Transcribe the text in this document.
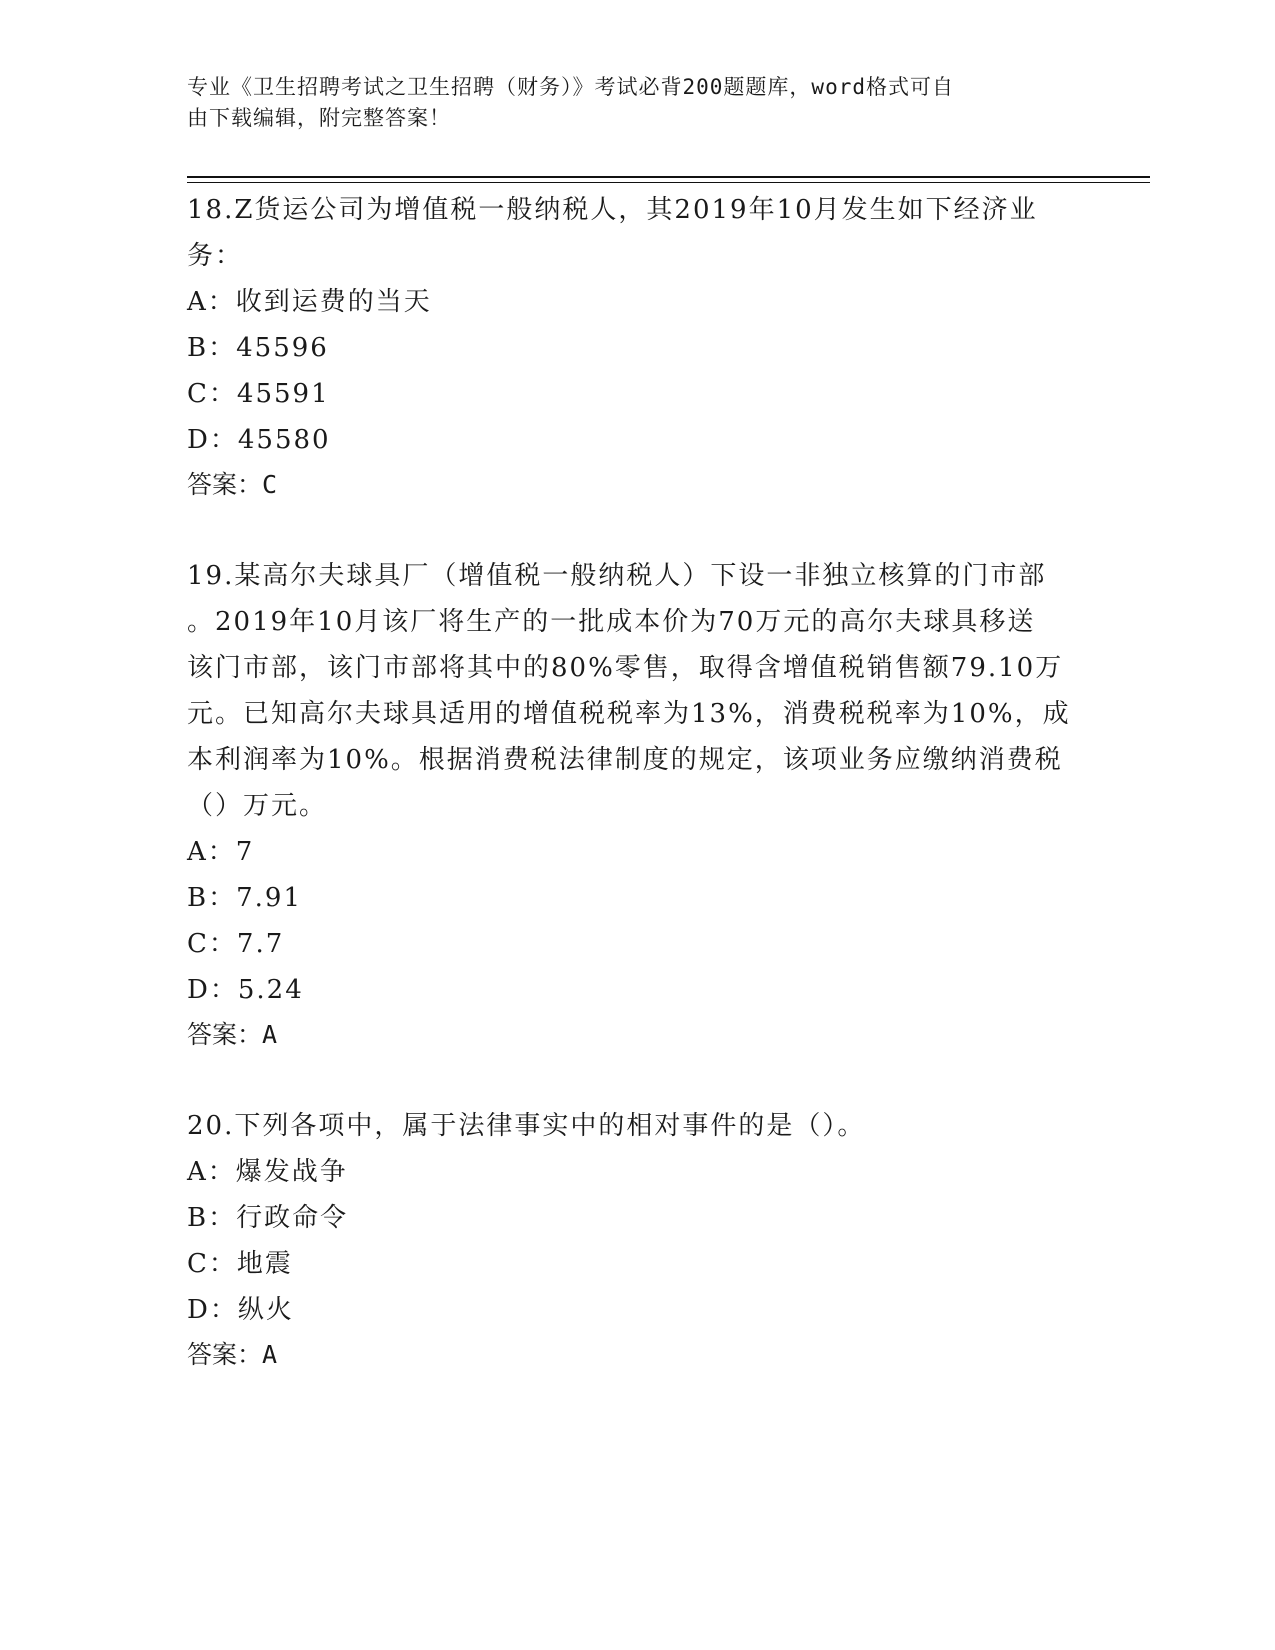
专业《卫生招聘考试之卫生招聘（财务）》考试必背200题题库，word格式可自
由下载编辑，附完整答案！

18.Z货运公司为增值税一般纳税人，其2019年10月发生如下经济业

务：

A：收到运费的当天

B：45596

C：45591

D：45580

答案：C

19.某高尔夫球具厂（增值税一般纳税人）下设一非独立核算的门市部

。2019年10月该厂将生产的一批成本价为70万元的高尔夫球具移送

该门市部，该门市部将其中的80%零售，取得含增值税销售额79.10万

元。已知高尔夫球具适用的增值税税率为13%，消费税税率为10%，成

本利润率为10%。根据消费税法律制度的规定，该项业务应缴纳消费税

（）万元。

A：7

B：7.91

C：7.7

D：5.24

答案：A

20.下列各项中，属于法律事实中的相对事件的是（）。

A：爆发战争

B：行政命令

C：地震

D：纵火

答案：A
